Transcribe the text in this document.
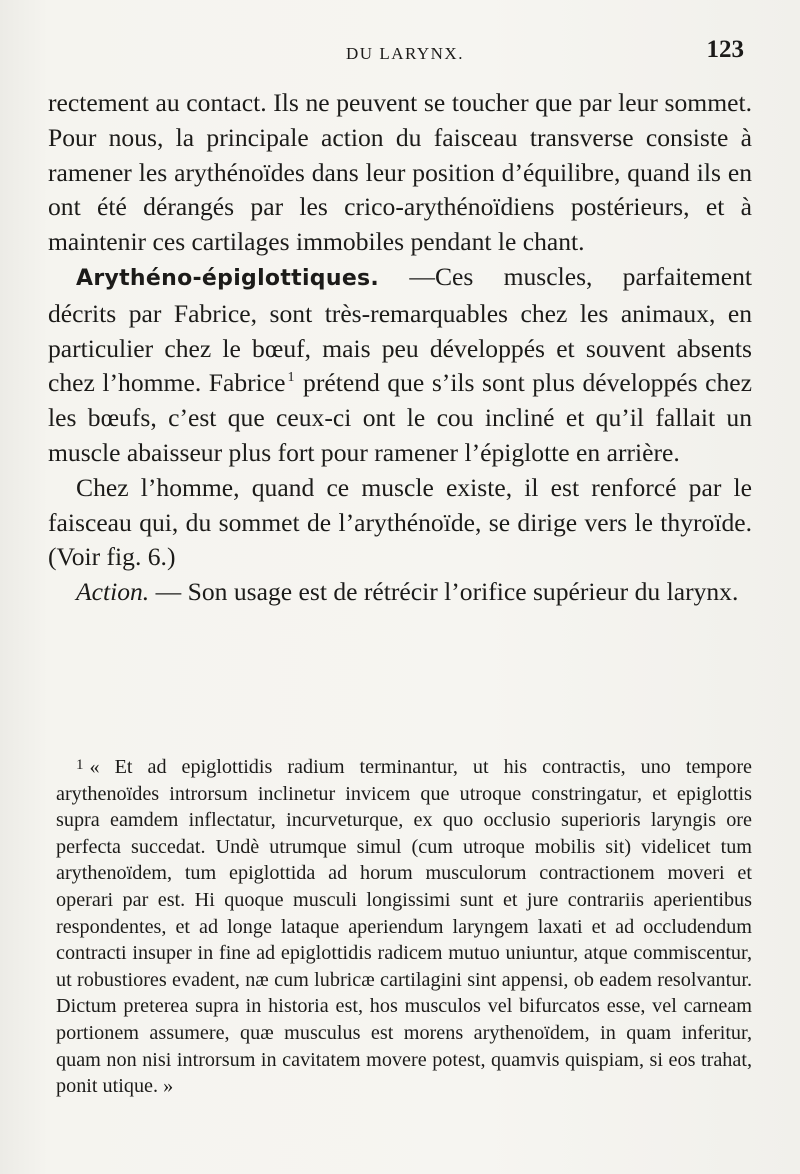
DU LARYNX.	123

rectement au contact. Ils ne peuvent se toucher que par leur sommet. Pour nous, la principale action du faisceau transverse consiste à ramener les arythénoïdes dans leur position d’équilibre, quand ils en ont été dérangés par les crico-arythénoïdiens postérieurs, et à maintenir ces cartilages immobiles pendant le chant.

Arythéno-épiglottiques. —Ces muscles, parfaitement décrits par Fabrice, sont très-remarquables chez les animaux, en particulier chez le bœuf, mais peu développés et souvent absents chez l’homme. Fabrice $^1$ prétend que s’ils sont plus développés chez les bœufs, c’est que ceux-ci ont le cou incliné et qu’il fallait un muscle abaisseur plus fort pour ramener l’épiglotte en arrière.

Chez l’homme, quand ce muscle existe, il est renforcé par le faisceau qui, du sommet de l’arythénoïde, se dirige vers le thyroïde. (Voir fig. 6.)

Action. — Son usage est de rétrécir l’orifice supérieur du larynx.

1 « Et ad epiglottidis radium terminantur, ut his contractis, uno tempore arythenoïdes introrsum inclinetur invicem que utroque constringatur, et epiglottis supra eamdem inflectatur, incurveturque, ex quo occlusio superioris laryngis ore perfecta succedat. Undè utrumque simul (cum utroque mobilis sit) videlicet tum arythenoïdem, tum epiglottida ad horum musculorum contractionem moveri et operari par est. Hi quoque musculi longissimi sunt et jure contrariis aperientibus respondentes, et ad longe lataque aperiendum laryngem laxati et ad occludendum contracti insuper in fine ad epiglottidis radicem mutuo uniuntur, atque commiscentur, ut robustiores evadent, næ cum lubricæ cartilagini sint appensi, ob eadem resolvantur. Dictum preterea supra in historia est, hos musculos vel bifurcatos esse, vel carneam portionem assumere, quæ musculus est morens arythenoïdem, in quam inferitur, quam non nisi introrsum in cavitatem movere potest, quamvis quispiam, si eos trahat, ponit utique. »
